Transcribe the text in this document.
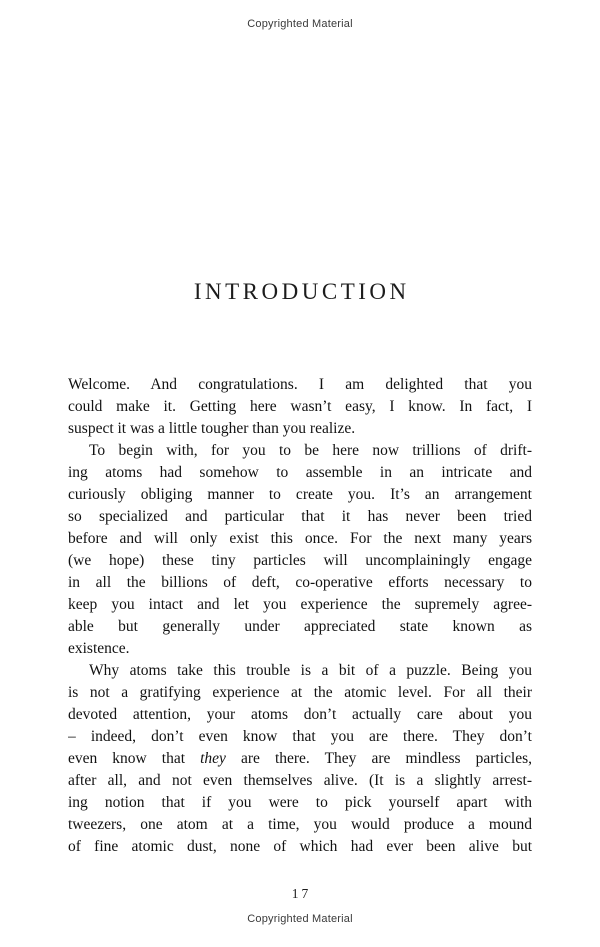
Copyrighted Material
INTRODUCTION
Welcome. And congratulations. I am delighted that you
could make it. Getting here wasn’t easy, I know. In fact, I
suspect it was a little tougher than you realize.
To begin with, for you to be here now trillions of drift-
ing atoms had somehow to assemble in an intricate and
curiously obliging manner to create you. It’s an arrangement
so specialized and particular that it has never been tried
before and will only exist this once. For the next many years
(we hope) these tiny particles will uncomplainingly engage
in all the billions of deft, co-operative efforts necessary to
keep you intact and let you experience the supremely agree-
able but generally under appreciated state known as
existence.
Why atoms take this trouble is a bit of a puzzle. Being you
is not a gratifying experience at the atomic level. For all their
devoted attention, your atoms don’t actually care about you
– indeed, don’t even know that you are there. They don’t
even know that they are there. They are mindless particles,
after all, and not even themselves alive. (It is a slightly arrest-
ing notion that if you were to pick yourself apart with
tweezers, one atom at a time, you would produce a mound
of fine atomic dust, none of which had ever been alive but
17
Copyrighted Material
